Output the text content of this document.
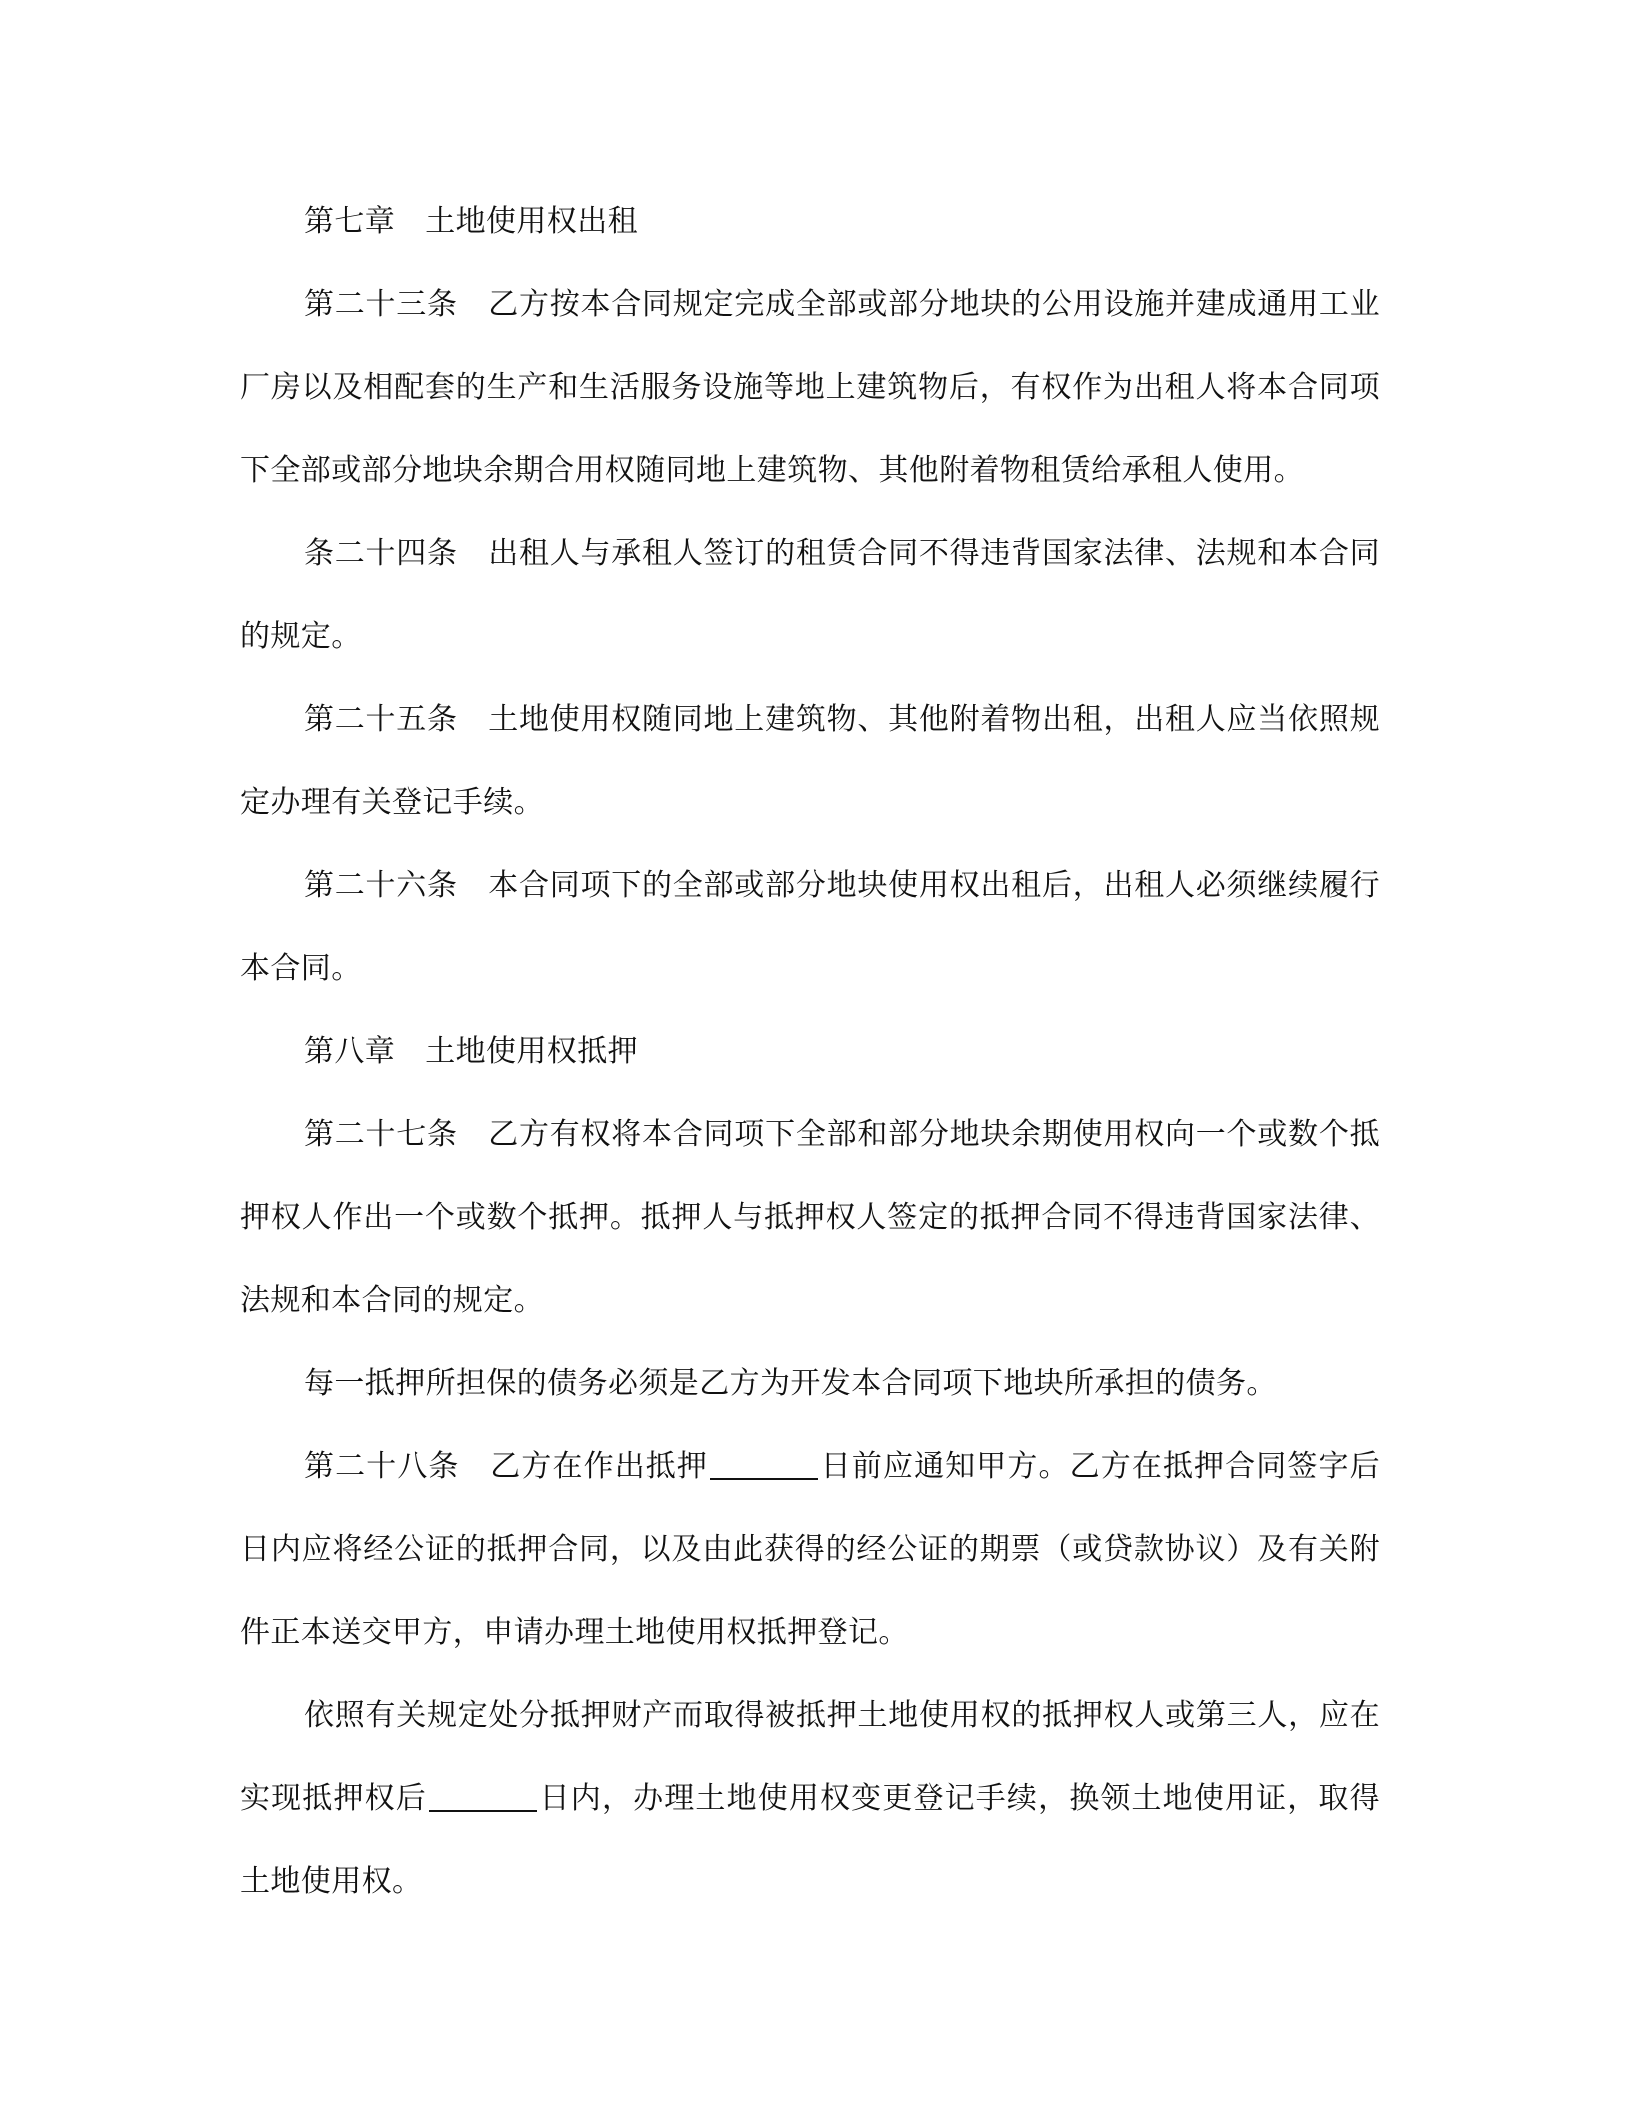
第七章 土地使用权出租

第二十三条 乙方按本合同规定完成全部或部分地块的公用设施并建成通用工业厂房以及相配套的生产和生活服务设施等地上建筑物后，有权作为出租人将本合同项下全部或部分地块余期合用权随同地上建筑物、其他附着物租赁给承租人使用。

条二十四条 出租人与承租人签订的租赁合同不得违背国家法律、法规和本合同的规定。

第二十五条 土地使用权随同地上建筑物、其他附着物出租，出租人应当依照规定办理有关登记手续。

第二十六条 本合同项下的全部或部分地块使用权出租后，出租人必须继续履行本合同。

第八章 土地使用权抵押

第二十七条 乙方有权将本合同项下全部和部分地块余期使用权向一个或数个抵押权人作出一个或数个抵押。抵押人与抵押权人签定的抵押合同不得违背国家法律、法规和本合同的规定。

每一抵押所担保的债务必须是乙方为开发本合同项下地块所承担的债务。

第二十八条 乙方在作出抵押	日前应通知甲方。乙方在抵押合同签字后日内应将经公证的抵押合同，以及由此获得的经公证的期票（或贷款协议）及有关附件正本送交甲方，申请办理土地使用权抵押登记。

依照有关规定处分抵押财产而取得被抵押土地使用权的抵押权人或第三人，应在实现抵押权后	日内，办理土地使用权变更登记手续，换领土地使用证，取得土地使用权。
